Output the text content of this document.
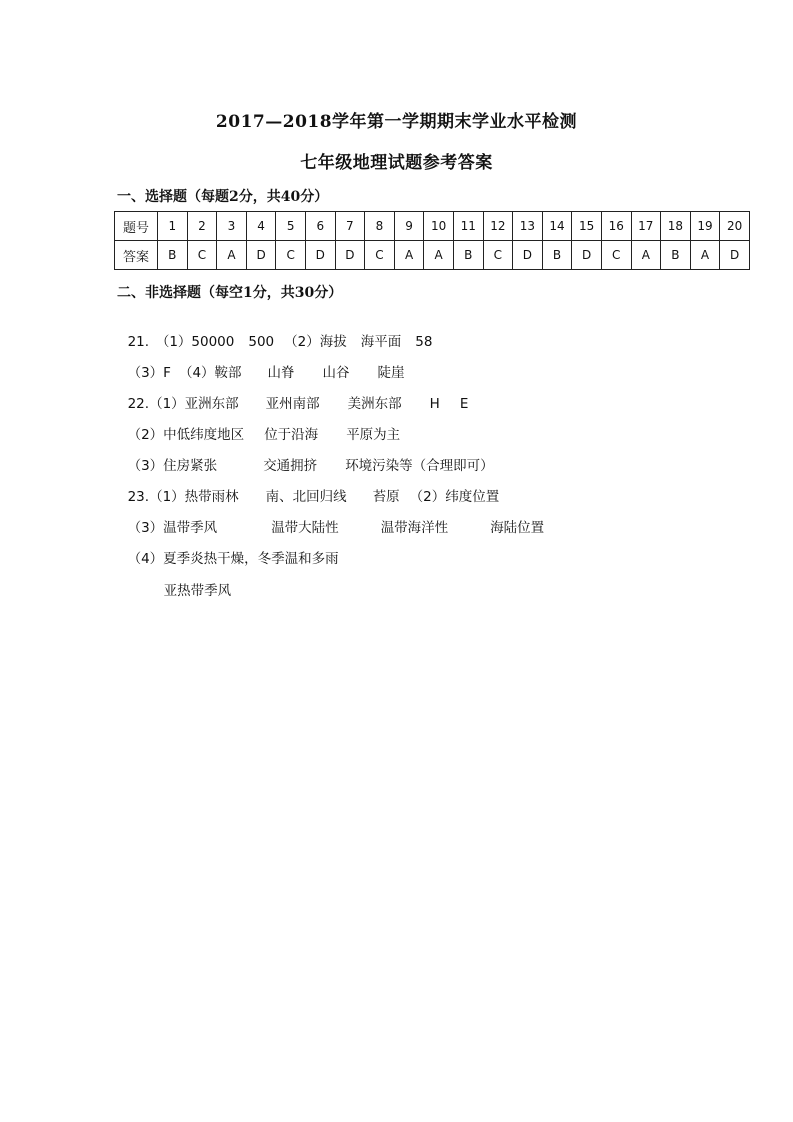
2017—2018学年第一学期期末学业水平检测
七年级地理试题参考答案
一、选择题（每题2分，共40分）
题号	1	2	3	4	5	6	7	8	9	10	11	12	13	14	15	16	17	18	19	20
答案	B	C	A	D	C	D	D	C	A	A	B	C	D	B	D	C	A	B	A	D
二、非选择题（每空1分，共30分）

21.　（1）50000 500 （2）海拔 海平面 58

（3）F （4）鞍部 山脊 山谷 陡崖

22.（1）亚洲东部 亚州南部 美洲东部 H E

（2）中低纬度地区 位于沿海 平原为主

（3）住房紧张	交通拥挤 环境污染等（合理即可）

23.（1）热带雨林 南、北回归线 苔原 （2）纬度位置

（3）温带季风	温带大陆性	温带海洋性	海陆位置

（4）夏季炎热干燥，冬季温和多雨

亚热带季风
